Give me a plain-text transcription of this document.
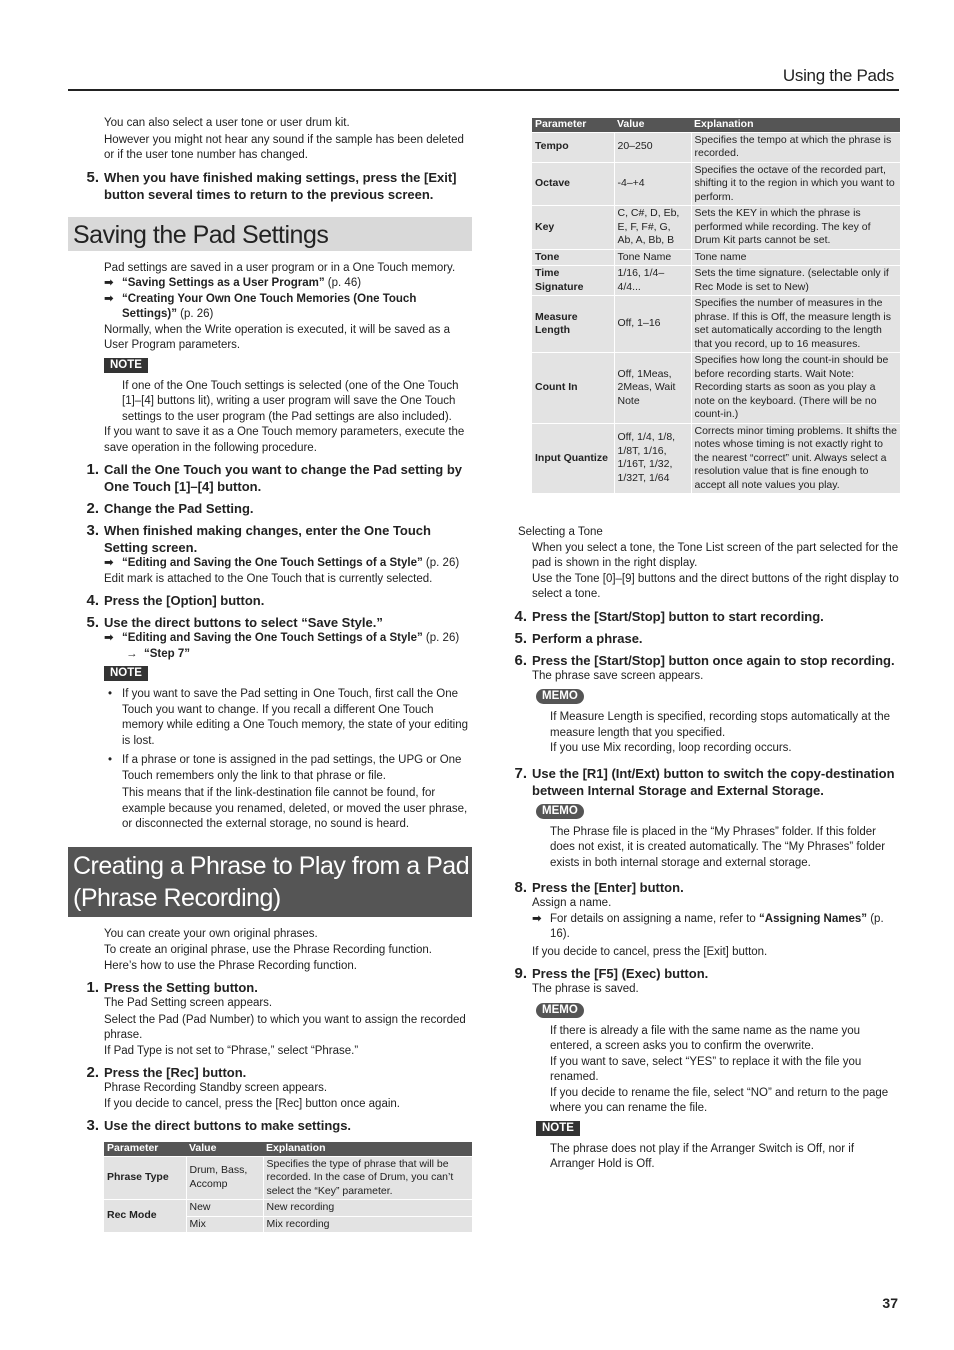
Using the Pads

You can also select a user tone or user drum kit.

However you might not hear any sound if the sample has been deleted or if the user tone number has changed.

5. When you have finished making settings, press the [Exit] button several times to return to the previous screen.
Saving the Pad Settings

Pad settings are saved in a user program or in a One Touch memory.

➡ “Saving Settings as a User Program” (p. 46)
➡ “Creating Your Own One Touch Memories (One Touch Settings)” (p. 26)

Normally, when the Write operation is executed, it will be saved as a User Program parameters.

NOTE

If one of the One Touch settings is selected (one of the One Touch [1]–[4] buttons lit), writing a user program will save the One Touch settings to the user program (the Pad settings are also included).

If you want to save it as a One Touch memory parameters, execute the save operation in the following procedure.

1. Call the One Touch you want to change the Pad setting by One Touch [1]–[4] button.
2. Change the Pad Setting.
3. When finished making changes, enter the One Touch Setting screen.
➡ “Editing and Saving the One Touch Settings of a Style” (p. 26)

Edit mark is attached to the One Touch that is currently selected.

4. Press the [Option] button.
5. Use the direct buttons to select “Save Style.”
➡ “Editing and Saving the One Touch Settings of a Style” (p. 26)
→ “Step 7”
NOTE
• If you want to save the Pad setting in One Touch, first call the One Touch you want to change. If you recall a different One Touch memory while editing a One Touch memory, the state of your editing is lost.
• If a phrase or tone is assigned in the pad settings, the UPG or One Touch remembers only the link to that phrase or file.

This means that if the link-destination file cannot be found, for example because you renamed, deleted, or moved the user phrase, or disconnected the external storage, no sound is heard.

Creating a Phrase to Play from a Pad
(Phrase Recording)

You can create your own original phrases.

To create an original phrase, use the Phrase Recording function.

Here’s how to use the Phrase Recording function.

1. Press the Setting button.

The Pad Setting screen appears.

Select the Pad (Pad Number) to which you want to assign the recorded phrase.

If Pad Type is not set to “Phrase,” select “Phrase.”

2. Press the [Rec] button.

Phrase Recording Standby screen appears.

If you decide to cancel, press the [Rec] button once again.

3. Use the direct buttons to make settings.
Parameter	Value	Explanation
Phrase Type	Drum, Bass, Accomp	Specifies the type of phrase that will be recorded. In the case of Drum, you can’t select the “Key” parameter.
Rec Mode	New	New recording
	Mix	Mix recording
Parameter	Value	Explanation
Tempo	20–250	Specifies the tempo at which the phrase is recorded.
Octave	-4–+4	Specifies the octave of the recorded part, shifting it to the region in which you want to perform.
Key	C, C#, D, Eb, E, F, F#, G, Ab, A, Bb, B	Sets the KEY in which the phrase is performed while recording. The key of Drum Kit parts cannot be set.
Tone	Tone Name	Tone name
Time Signature	1/16, 1/4–4/4...	Sets the time signature. (selectable only if Rec Mode is set to New)
Measure Length	Off, 1–16	Specifies the number of measures in the phrase. If this is Off, the measure length is set automatically according to the length that you record, up to 16 measures.
Count In	Off, 1Meas, 2Meas, Wait Note	Specifies how long the count-in should be before recording starts. Wait Note: Recording starts as soon as you play a note on the keyboard. (There will be no count-in.)
Input Quantize	Off, 1/4, 1/8, 1/8T, 1/16, 1/16T, 1/32, 1/32T, 1/64	Corrects minor timing problems. It shifts the notes whose timing is not exactly right to the nearest “correct” unit. Always select a resolution value that is fine enough to accept all note values you play.

Selecting a Tone

When you select a tone, the Tone List screen of the part selected for the pad is shown in the right display.

Use the Tone [0]–[9] buttons and the direct buttons of the right display to select a tone.

4. Press the [Start/Stop] button to start recording.
5. Perform a phrase.
6. Press the [Start/Stop] button once again to stop recording.

The phrase save screen appears.

MEMO

If Measure Length is specified, recording stops automatically at the measure length that you specified.

If you use Mix recording, loop recording occurs.

7. Use the [R1] (Int/Ext) button to switch the copy-destination between Internal Storage and External Storage.
MEMO

The Phrase file is placed in the “My Phrases” folder. If this folder does not exist, it is created automatically. The “My Phrases” folder exists in both internal storage and external storage.

8. Press the [Enter] button.

Assign a name.

➡ For details on assigning a name, refer to “Assigning Names” (p. 16).

If you decide to cancel, press the [Exit] button.

9. Press the [F5] (Exec) button.

The phrase is saved.

MEMO

If there is already a file with the same name as the name you entered, a screen asks you to confirm the overwrite.

If you want to save, select “YES” to replace it with the file you renamed.

If you decide to rename the file, select “NO” and return to the page where you can rename the file.

NOTE

The phrase does not play if the Arranger Switch is Off, nor if Arranger Hold is Off.

37
